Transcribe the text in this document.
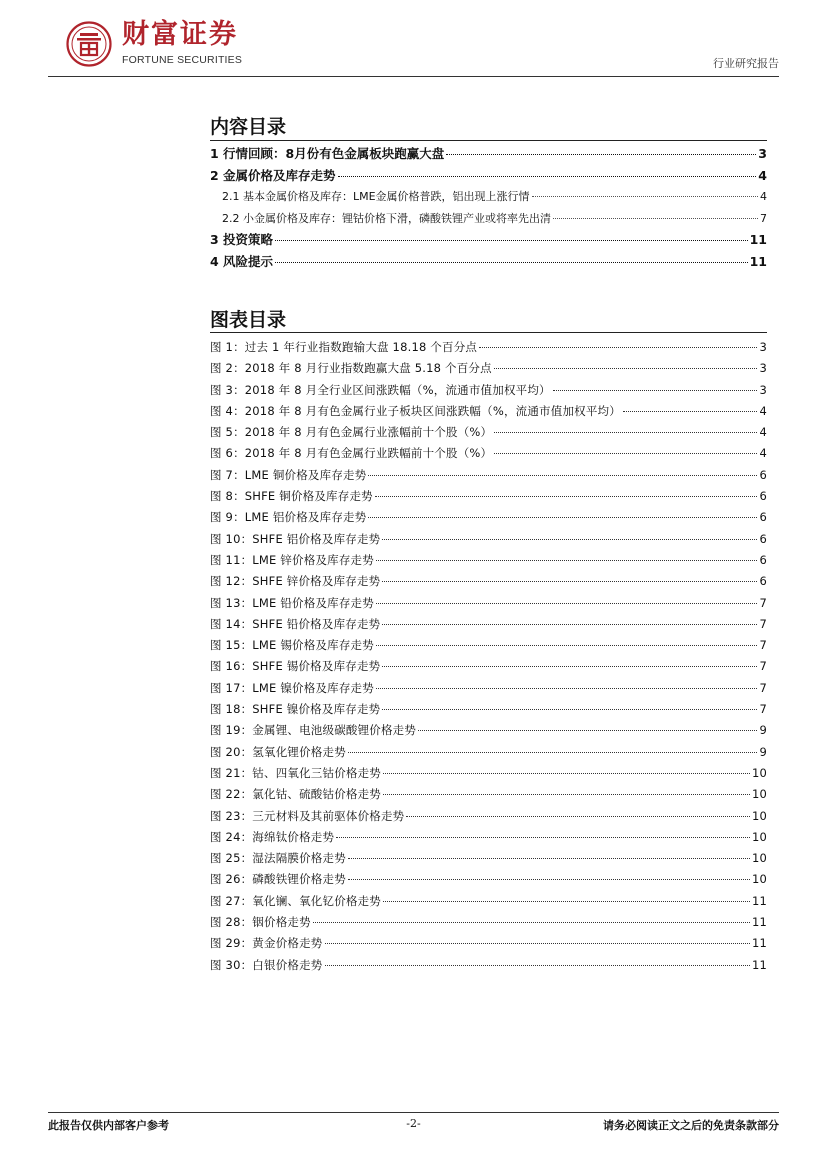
财富证券
FORTUNE SECURITIES	行业研究报告
内容目录
1 行情回顾：8月份有色金属板块跑赢大盘	3
2 金属价格及库存走势	4
2.1 基本金属价格及库存：LME金属价格普跌，铝出现上涨行情	4
2.2 小金属价格及库存：锂钴价格下滑，磷酸铁锂产业或将率先出清	7
3 投资策略	11
4 风险提示	11
图表目录
图 1：过去 1 年行业指数跑输大盘 18.18 个百分点	3
图 2：2018 年 8 月行业指数跑赢大盘 5.18 个百分点	3
图 3：2018 年 8 月全行业区间涨跌幅（%，流通市值加权平均）	3
图 4：2018 年 8 月有色金属行业子板块区间涨跌幅（%，流通市值加权平均）	4
图 5：2018 年 8 月有色金属行业涨幅前十个股（%）	4
图 6：2018 年 8 月有色金属行业跌幅前十个股（%）	4
图 7：LME 铜价格及库存走势	6
图 8：SHFE 铜价格及库存走势	6
图 9：LME 铝价格及库存走势	6
图 10：SHFE 铝价格及库存走势	6
图 11：LME 锌价格及库存走势	6
图 12：SHFE 锌价格及库存走势	6
图 13：LME 铅价格及库存走势	7
图 14：SHFE 铅价格及库存走势	7
图 15：LME 锡价格及库存走势	7
图 16：SHFE 锡价格及库存走势	7
图 17：LME 镍价格及库存走势	7
图 18：SHFE 镍价格及库存走势	7
图 19：金属锂、电池级碳酸锂价格走势	9
图 20：氢氧化锂价格走势	9
图 21：钴、四氧化三钴价格走势	10
图 22：氯化钴、硫酸钴价格走势	10
图 23：三元材料及其前驱体价格走势	10
图 24：海绵钛价格走势	10
图 25：湿法隔膜价格走势	10
图 26：磷酸铁锂价格走势	10
图 27：氧化镧、氧化钇价格走势	11
图 28：铟价格走势	11
图 29：黄金价格走势	11
图 30：白银价格走势	11
此报告仅供内部客户参考	-2-	请务必阅读正文之后的免责条款部分
